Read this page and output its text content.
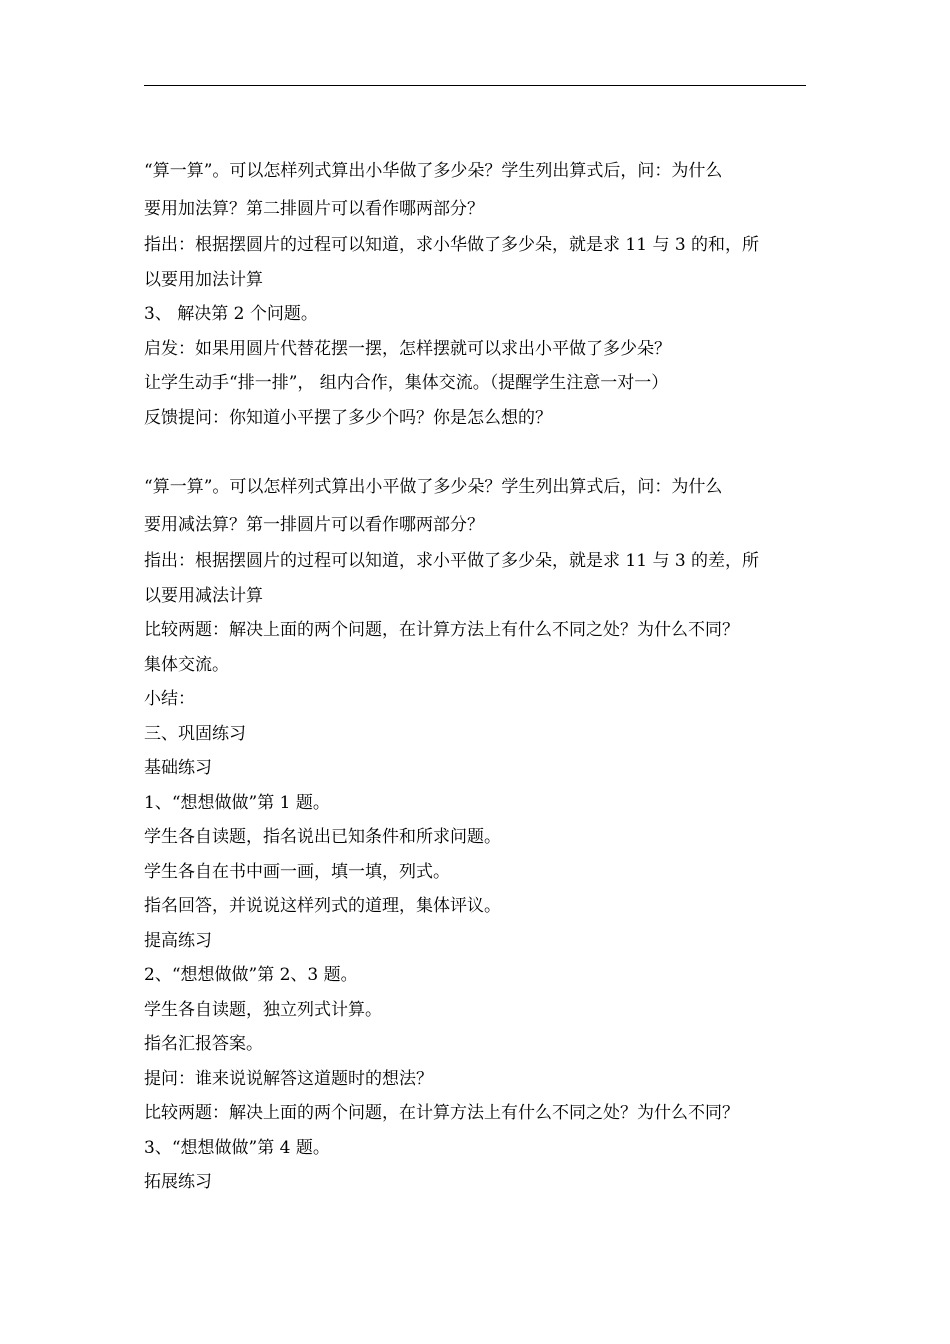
“算一算”。可以怎样列式算出小华做了多少朵？学生列出算式后，问：为什么

要用加法算？第二排圆片可以看作哪两部分？

指出：根据摆圆片的过程可以知道，求小华做了多少朵，就是求 11 与 3 的和，所

以要用加法计算

3、 解决第 2 个问题。

启发：如果用圆片代替花摆一摆，怎样摆就可以求出小平做了多少朵？

让学生动手“排一排”， 组内合作，集体交流。（提醒学生注意一对一）

反馈提问：你知道小平摆了多少个吗？你是怎么想的？

“算一算”。可以怎样列式算出小平做了多少朵？学生列出算式后，问：为什么

要用减法算？第一排圆片可以看作哪两部分？

指出：根据摆圆片的过程可以知道，求小平做了多少朵，就是求 11 与 3 的差，所

以要用减法计算

比较两题：解决上面的两个问题，在计算方法上有什么不同之处？为什么不同？

集体交流。

小结：

三、巩固练习

基础练习

1、“想想做做”第 1 题。

学生各自读题，指名说出已知条件和所求问题。

学生各自在书中画一画，填一填，列式。

指名回答，并说说这样列式的道理，集体评议。

提高练习

2、“想想做做”第 2、3 题。

学生各自读题，独立列式计算。

指名汇报答案。

提问：谁来说说解答这道题时的想法？

比较两题：解决上面的两个问题，在计算方法上有什么不同之处？为什么不同？

3、“想想做做”第 4 题。

拓展练习
